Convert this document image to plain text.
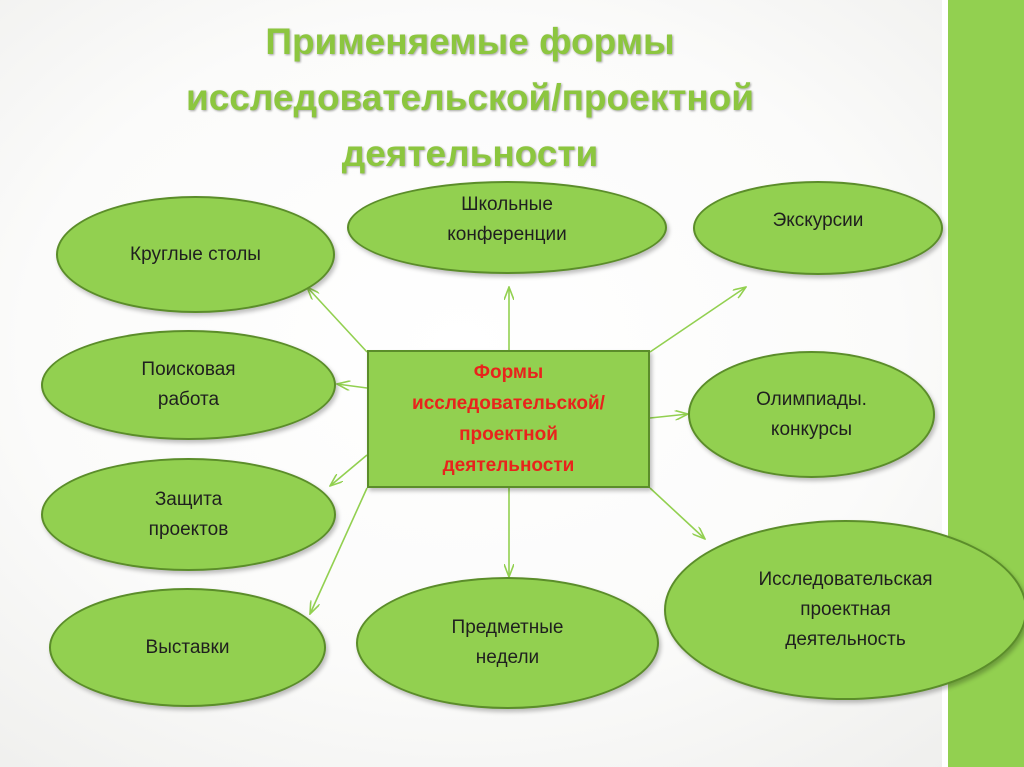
Применяемые формы
исследовательской/проектной
деятельности
Круглые столы
Школьные
конференции
Экскурсии
Поисковая
работа	Олимпиады.
конкурсы
Защита
проектов
Исследовательская
проектная
деятельность
Выставки
Предметные
недели
Формы
исследовательской/
проектной
деятельности
